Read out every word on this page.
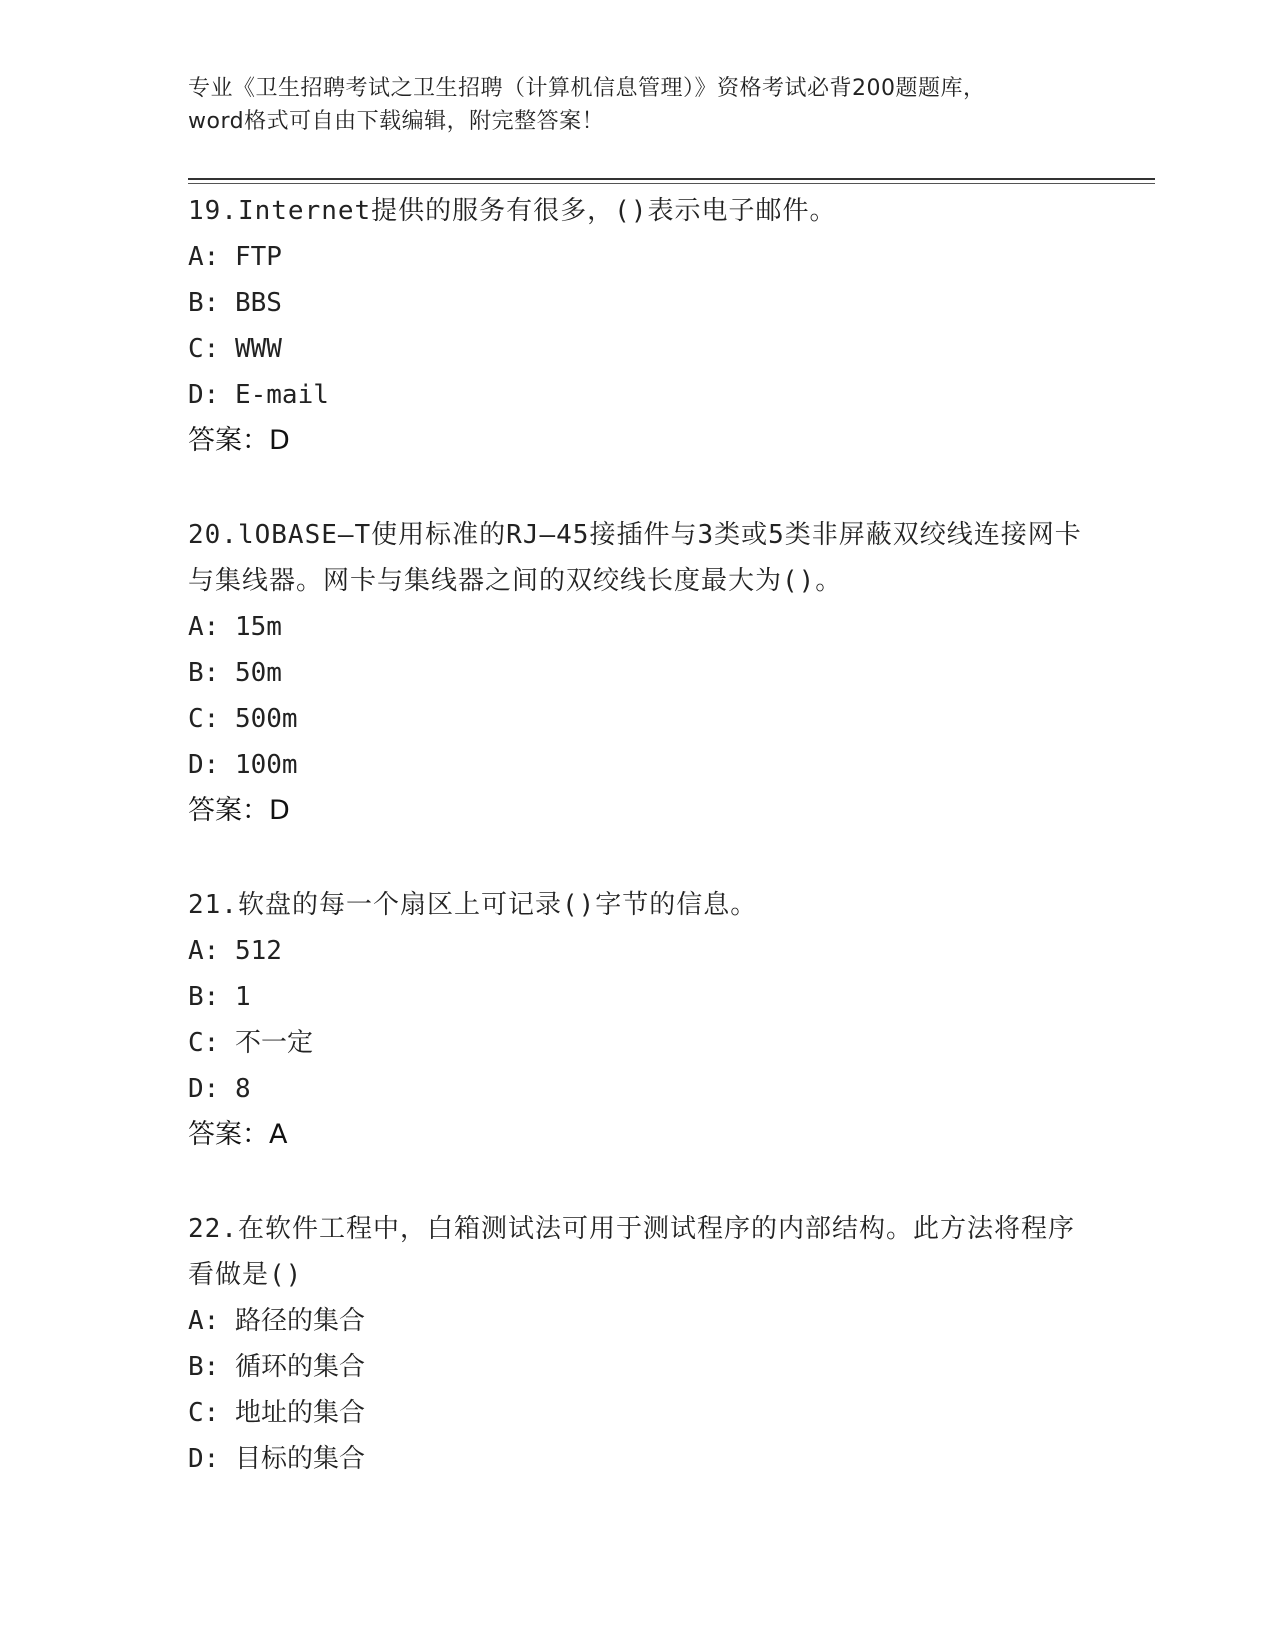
专业《卫生招聘考试之卫生招聘（计算机信息管理）》资格考试必背200题题库，
word格式可自由下载编辑，附完整答案！
19.Internet提供的服务有很多，()表示电子邮件。
A: FTP
B: BBS
C: WWW
D: E-mail
答案：D
20.lOBASE—T使用标准的RJ—45接插件与3类或5类非屏蔽双绞线连接网卡与集线器。网卡与集线器之间的双绞线长度最大为()。
A: 15m
B: 50m
C: 500m
D: 100m
答案：D
21.软盘的每一个扇区上可记录()字节的信息。
A: 512
B: 1
C: 不一定
D: 8
答案：A
22.在软件工程中，白箱测试法可用于测试程序的内部结构。此方法将程序看做是()
A: 路径的集合
B: 循环的集合
C: 地址的集合
D: 目标的集合
